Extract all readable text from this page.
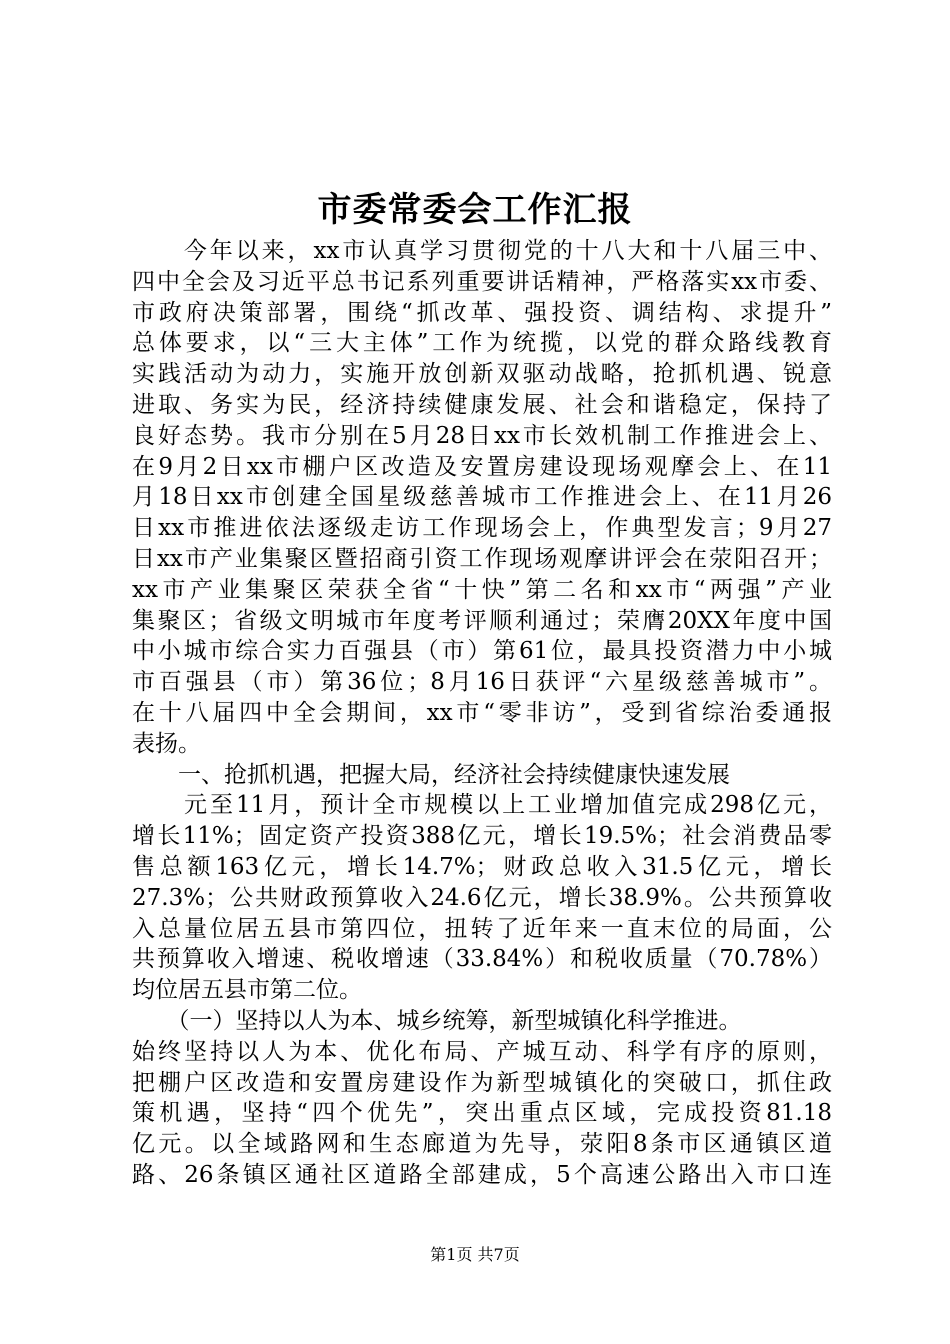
市委常委会工作汇报
　　今年以来，xx市认真学习贯彻党的十八大和十八届三中、
四中全会及习近平总书记系列重要讲话精神，严格落实xx市委、
市政府决策部署，围绕“抓改革、强投资、调结构、求提升”
总体要求，以“三大主体”工作为统揽，以党的群众路线教育
实践活动为动力，实施开放创新双驱动战略，抢抓机遇、锐意
进取、务实为民，经济持续健康发展、社会和谐稳定，保持了
良好态势。我市分别在5月28日xx市长效机制工作推进会上、
在9月2日xx市棚户区改造及安置房建设现场观摩会上、在11
月18日xx市创建全国星级慈善城市工作推进会上、在11月26
日xx市推进依法逐级走访工作现场会上，作典型发言；9月27
日xx市产业集聚区暨招商引资工作现场观摩讲评会在荥阳召开；
xx市产业集聚区荣获全省“十快”第二名和xx市“两强”产业
集聚区；省级文明城市年度考评顺利通过；荣膺20XX年度中国
中小城市综合实力百强县（市）第61位，最具投资潜力中小城
市百强县（市）第36位；8月16日获评“六星级慈善城市”。
在十八届四中全会期间，xx市“零非访”，受到省综治委通报
表扬。
　　一、抢抓机遇，把握大局，经济社会持续健康快速发展
　　元至11月，预计全市规模以上工业增加值完成298亿元，
增长11%；固定资产投资388亿元，增长19.5%；社会消费品零
售总额163亿元，增长14.7%；财政总收入31.5亿元，增长
27.3%；公共财政预算收入24.6亿元，增长38.9%。公共预算收
入总量位居五县市第四位，扭转了近年来一直末位的局面，公
共预算收入增速、税收增速（33.84%）和税收质量（70.78%）
均位居五县市第二位。
　　（一）坚持以人为本、城乡统筹，新型城镇化科学推进。
始终坚持以人为本、优化布局、产城互动、科学有序的原则，
把棚户区改造和安置房建设作为新型城镇化的突破口，抓住政
策机遇，坚持“四个优先”，突出重点区域，完成投资81.18
亿元。以全域路网和生态廊道为先导，荥阳8条市区通镇区道
路、26条镇区通社区道路全部建成，5个高速公路出入市口连
第1页 共7页
